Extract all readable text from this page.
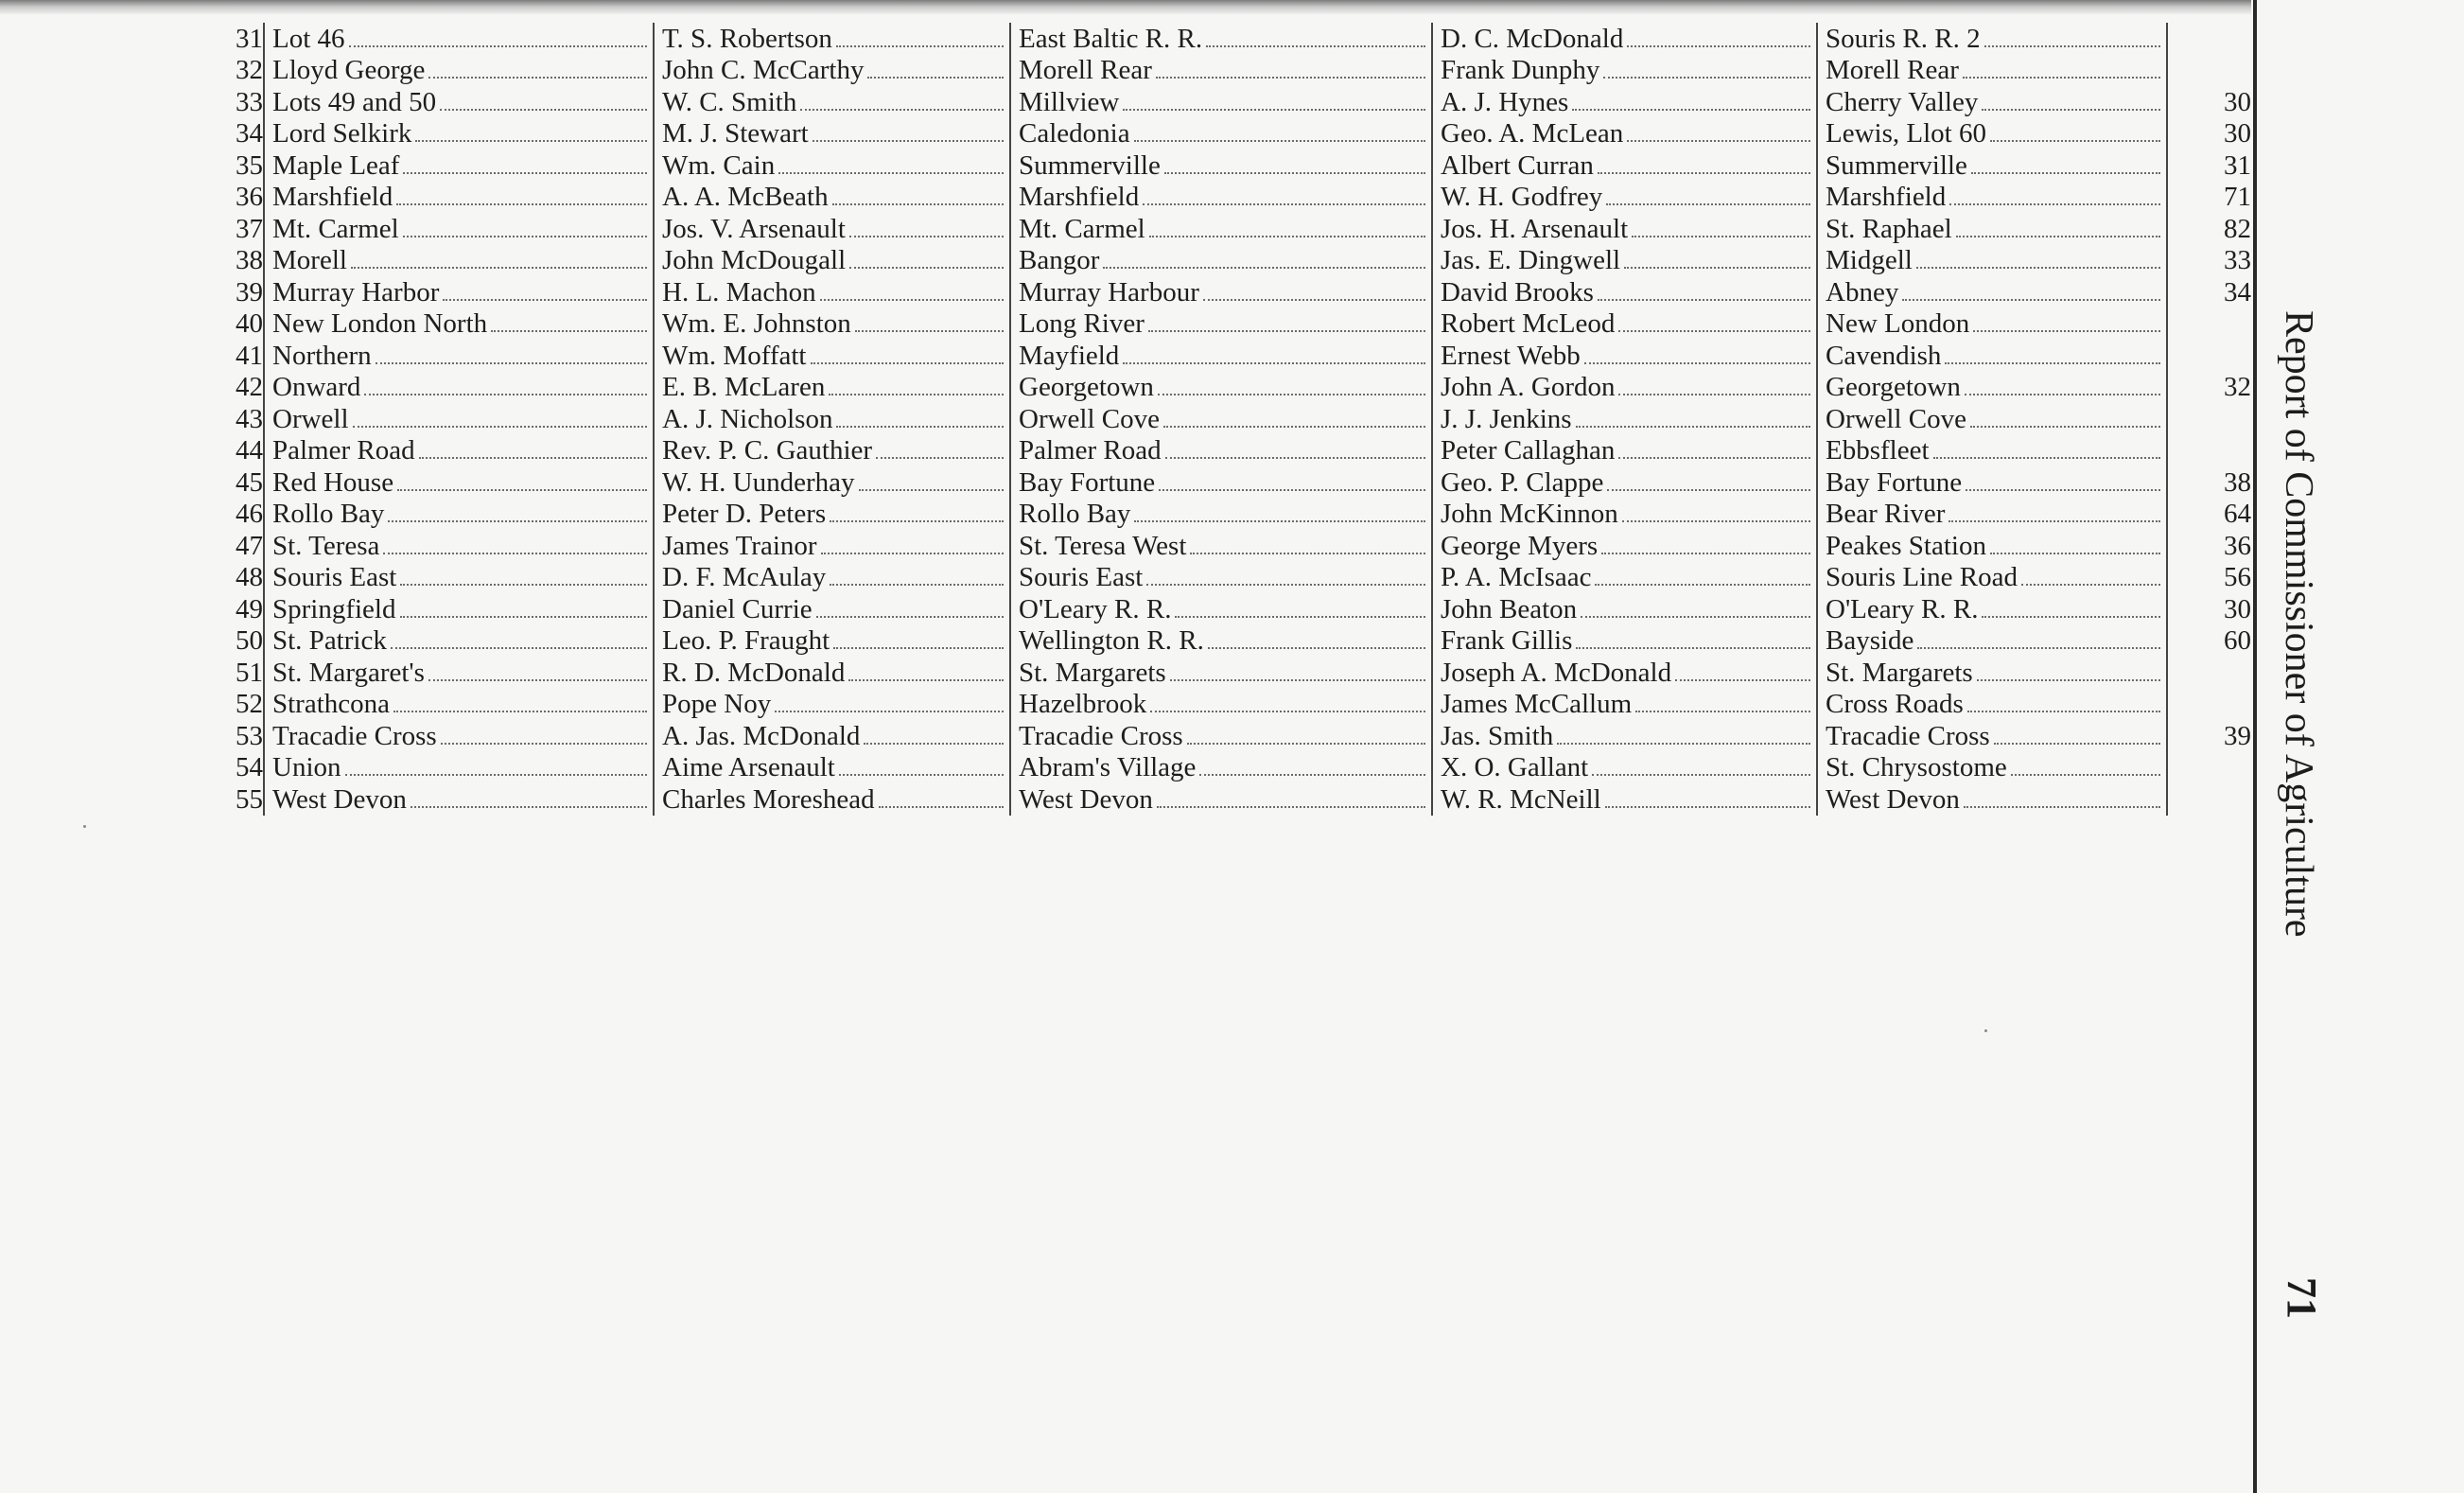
31	Lot 46	T. S. Robertson	East Baltic R. R.	D. C. McDonald	Souris R. R. 2	

32	Lloyd George	John C. McCarthy	Morell Rear	Frank Dunphy	Morell Rear	

33	Lots 49 and 50	W. C. Smith	Millview	A. J. Hynes	Cherry Valley	30
34	Lord Selkirk	M. J. Stewart	Caledonia	Geo. A. McLean	Lewis, Llot 60	30
35	Maple Leaf	Wm. Cain	Summerville	Albert Curran	Summerville	31
36	Marshfield	A. A. McBeath	Marshfield	W. H. Godfrey	Marshfield	71
37	Mt. Carmel	Jos. V. Arsenault	Mt. Carmel	Jos. H. Arsenault	St. Raphael	82
38	Morell	John McDougall	Bangor	Jas. E. Dingwell	Midgell	33
39	Murray Harbor	H. L. Machon	Murray Harbour	David Brooks	Abney	34
40	New London North	Wm. E. Johnston	Long River	Robert McLeod	New London	

41	Northern	Wm. Moffatt	Mayfield	Ernest Webb	Cavendish	

42	Onward	E. B. McLaren	Georgetown	John A. Gordon	Georgetown	32
43	Orwell	A. J. Nicholson	Orwell Cove	J. J. Jenkins	Orwell Cove	

44	Palmer Road	Rev. P. C. Gauthier	Palmer Road	Peter Callaghan	Ebbsfleet	

45	Red House	W. H. Uunderhay	Bay Fortune	Geo. P. Clappe	Bay Fortune	38
46	Rollo Bay	Peter D. Peters	Rollo Bay	John McKinnon	Bear River	64
47	St. Teresa	James Trainor	St. Teresa West	George Myers	Peakes Station	36
48	Souris East	D. F. McAulay	Souris East	P. A. McIsaac	Souris Line Road	56
49	Springfield	Daniel Currie	O'Leary R. R.	John Beaton	O'Leary R. R.	30
50	St. Patrick	Leo. P. Fraught	Wellington R. R.	Frank Gillis	Bayside	60
51	St. Margaret's	R. D. McDonald	St. Margarets	Joseph A. McDonald	St. Margarets	

52	Strathcona	Pope Noy	Hazelbrook	James McCallum	Cross Roads	

53	Tracadie Cross	A. Jas. McDonald	Tracadie Cross	Jas. Smith	Tracadie Cross	39
54	Union	Aime Arsenault	Abram's Village	X. O. Gallant	St. Chrysostome	

55	West Devon	Charles Moreshead	West Devon	W. R. McNeill	West Devon	
		Report of Commissioner of Agriculture
71
